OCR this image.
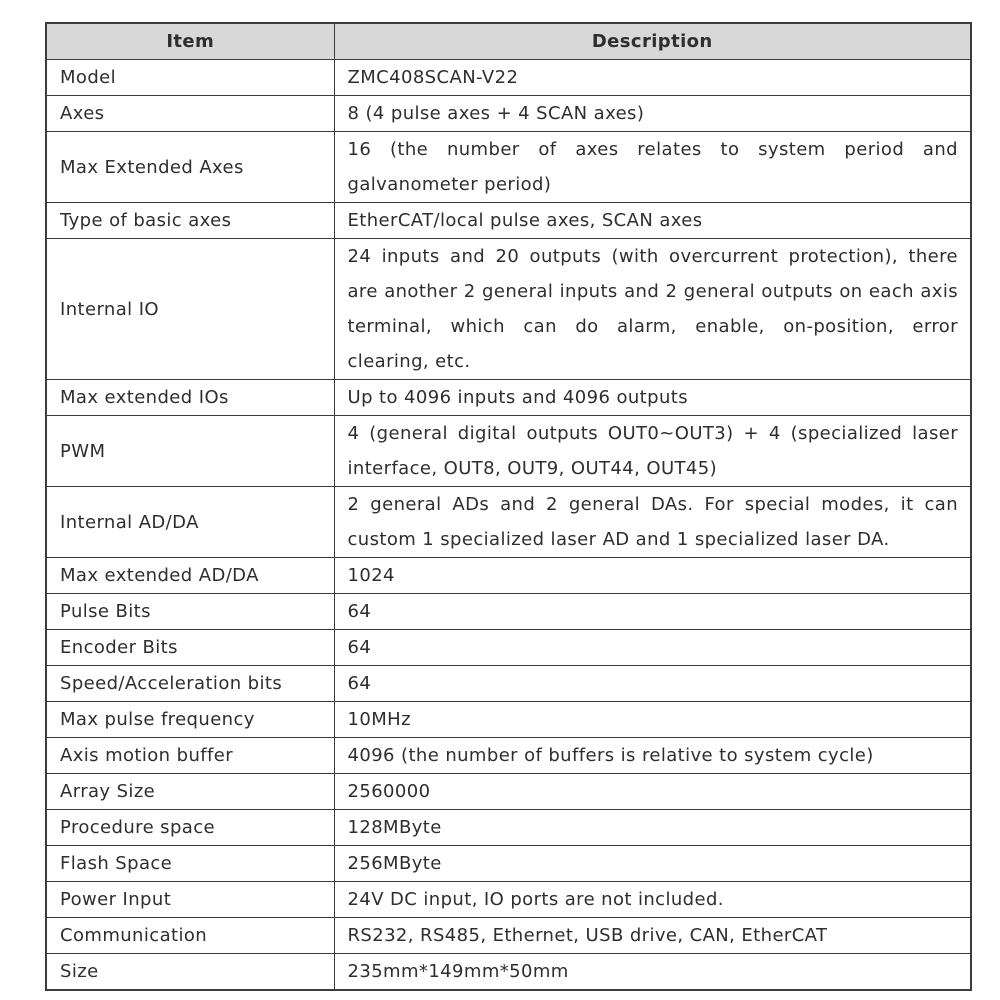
Item	Description
Model	ZMC408SCAN-V22
Axes	8 (4 pulse axes + 4 SCAN axes)
Max Extended Axes	16 (the number of axes relates to system period and galvanometer period)
Type of basic axes	EtherCAT/local pulse axes, SCAN axes
Internal IO	24 inputs and 20 outputs (with overcurrent protection), there are another 2 general inputs and 2 general outputs on each axis terminal, which can do alarm, enable, on-position, error clearing, etc.
Max extended IOs	Up to 4096 inputs and 4096 outputs
PWM	4 (general digital outputs OUT0~OUT3) + 4 (specialized laser interface, OUT8, OUT9, OUT44, OUT45)
Internal AD/DA	2 general ADs and 2 general DAs. For special modes, it can custom 1 specialized laser AD and 1 specialized laser DA.
Max extended AD/DA	1024
Pulse Bits	64
Encoder Bits	64
Speed/Acceleration bits	64
Max pulse frequency	10MHz
Axis motion buffer	4096 (the number of buffers is relative to system cycle)
Array Size	2560000
Procedure space	128MByte
Flash Space	256MByte
Power Input	24V DC input, IO ports are not included.
Communication	RS232, RS485, Ethernet, USB drive, CAN, EtherCAT
Size	235mm*149mm*50mm
